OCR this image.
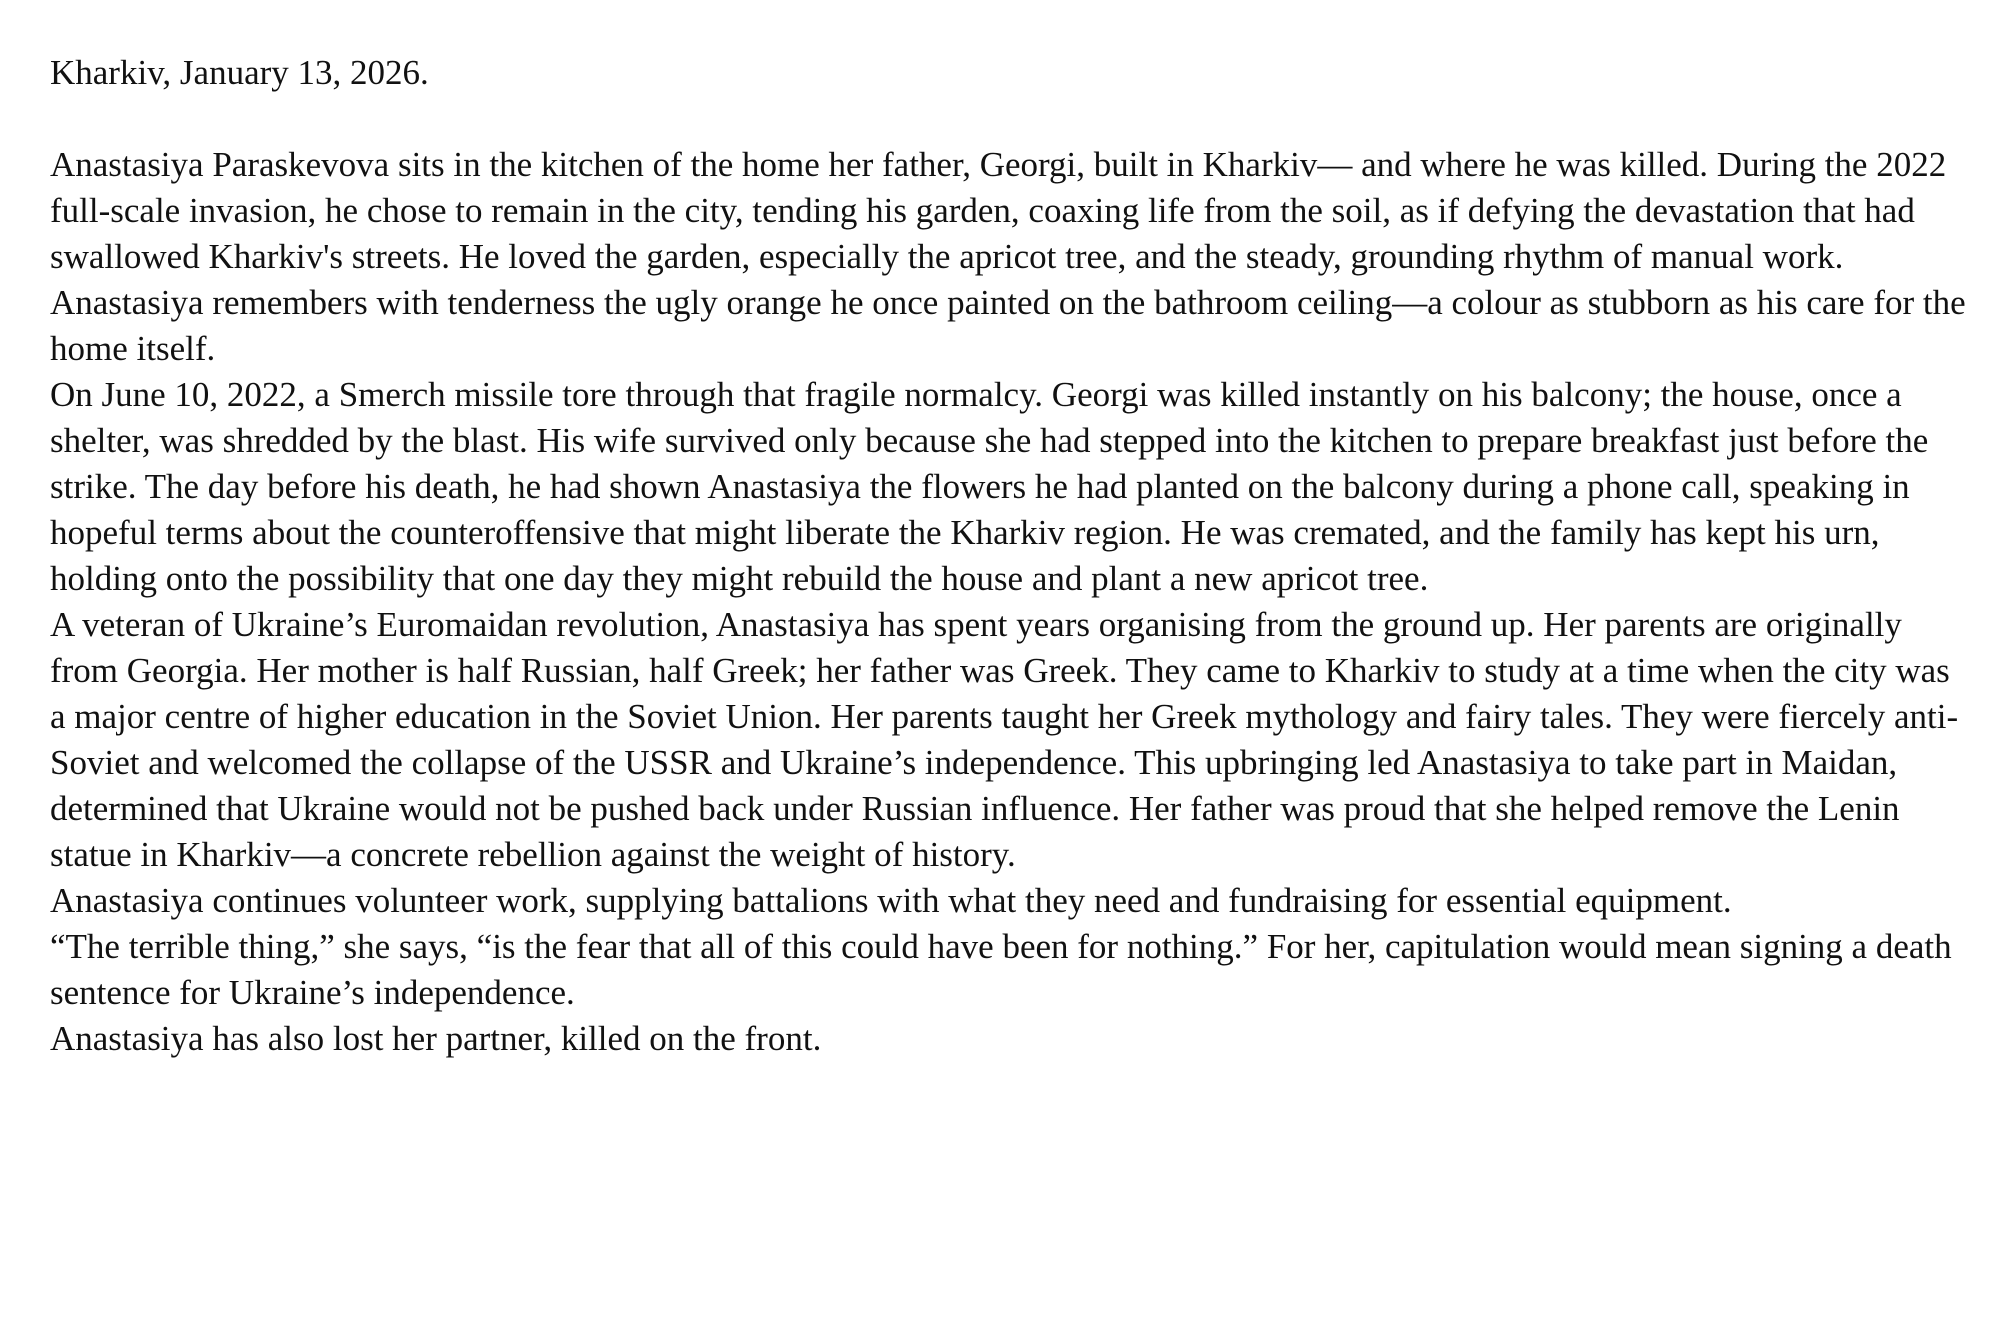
Kharkiv, January 13, 2026.

Anastasiya Paraskevova sits in the kitchen of the home her father, Georgi, built in Kharkiv— and where he was killed. During the 2022 full-scale invasion, he chose to remain in the city, tending his garden, coaxing life from the soil, as if defying the devastation that had swallowed Kharkiv's streets. He loved the garden, especially the apricot tree, and the steady, grounding rhythm of manual work. Anastasiya remembers with tenderness the ugly orange he once painted on the bathroom ceiling—a colour as stubborn as his care for the home itself.

On June 10, 2022, a Smerch missile tore through that fragile normalcy. Georgi was killed instantly on his balcony; the house, once a shelter, was shredded by the blast. His wife survived only because she had stepped into the kitchen to prepare breakfast just before the strike. The day before his death, he had shown Anastasiya the flowers he had planted on the balcony during a phone call, speaking in hopeful terms about the counteroffensive that might liberate the Kharkiv region. He was cremated, and the family has kept his urn, holding onto the possibility that one day they might rebuild the house and plant a new apricot tree.

A veteran of Ukraine’s Euromaidan revolution, Anastasiya has spent years organising from the ground up. Her parents are originally from Georgia. Her mother is half Russian, half Greek; her father was Greek. They came to Kharkiv to study at a time when the city was a major centre of higher education in the Soviet Union. Her parents taught her Greek mythology and fairy tales. They were fiercely anti-Soviet and welcomed the collapse of the USSR and Ukraine’s independence. This upbringing led Anastasiya to take part in Maidan, determined that Ukraine would not be pushed back under Russian influence. Her father was proud that she helped remove the Lenin statue in Kharkiv—a concrete rebellion against the weight of history.

Anastasiya continues volunteer work, supplying battalions with what they need and fundraising for essential equipment.

“The terrible thing,” she says, “is the fear that all of this could have been for nothing.” For her, capitulation would mean signing a death sentence for Ukraine’s independence.

Anastasiya has also lost her partner, killed on the front.
